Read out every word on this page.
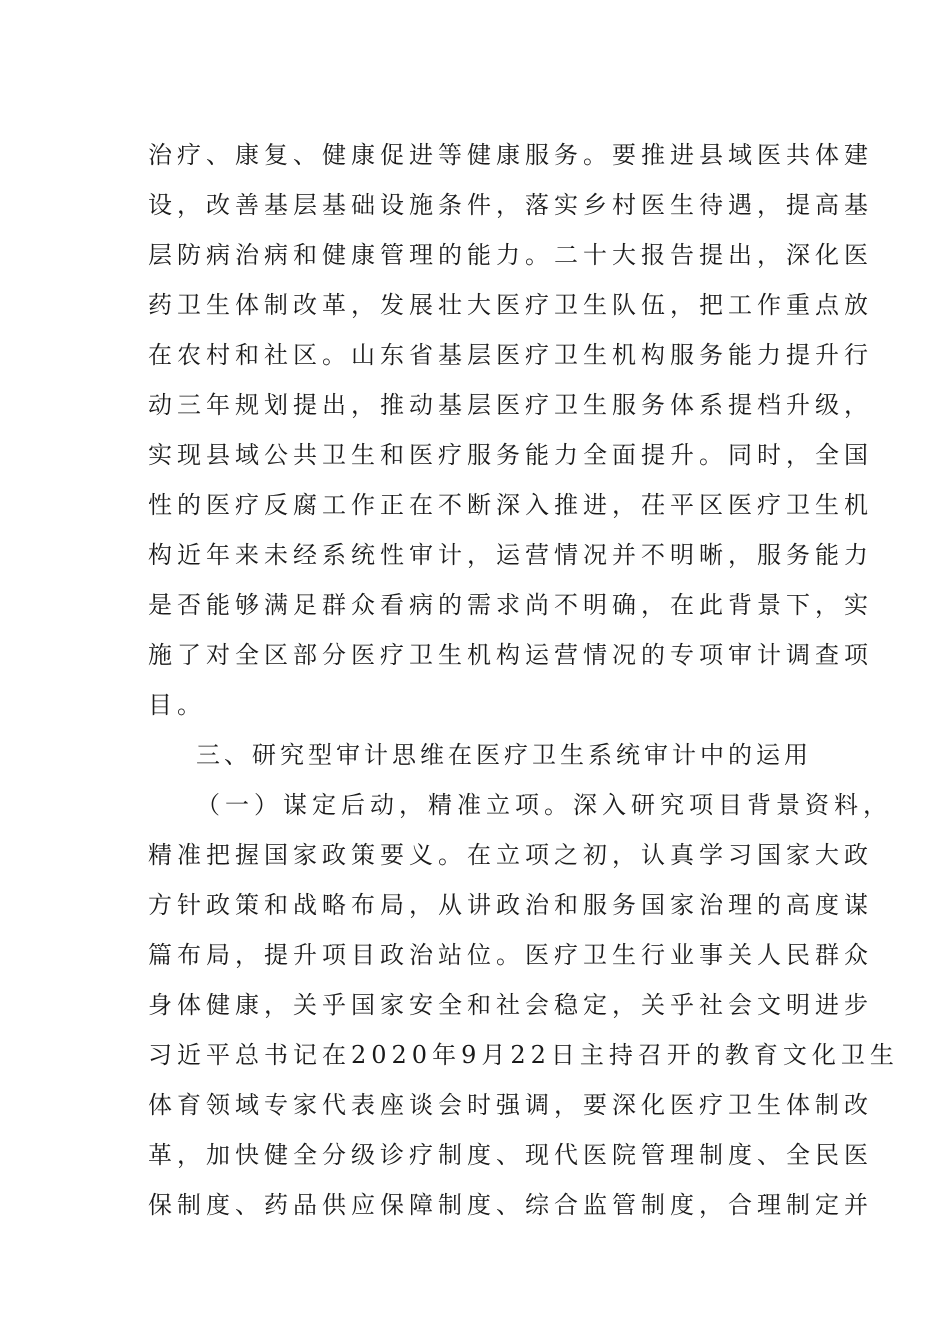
治疗、康复、健康促进等健康服务。要推进县域医共体建
设，改善基层基础设施条件，落实乡村医生待遇，提高基
层防病治病和健康管理的能力。二十大报告提出，深化医
药卫生体制改革，发展壮大医疗卫生队伍，把工作重点放
在农村和社区。山东省基层医疗卫生机构服务能力提升行
动三年规划提出，推动基层医疗卫生服务体系提档升级，
实现县域公共卫生和医疗服务能力全面提升。同时，全国
性的医疗反腐工作正在不断深入推进，茌平区医疗卫生机
构近年来未经系统性审计，运营情况并不明晰，服务能力
是否能够满足群众看病的需求尚不明确，在此背景下，实
施了对全区部分医疗卫生机构运营情况的专项审计调查项
目。
三、研究型审计思维在医疗卫生系统审计中的运用
（一）谋定后动，精准立项。深入研究项目背景资料，
精准把握国家政策要义。在立项之初，认真学习国家大政
方针政策和战略布局，从讲政治和服务国家治理的高度谋
篇布局，提升项目政治站位。医疗卫生行业事关人民群众
身体健康，关乎国家安全和社会稳定，关乎社会文明进步
习近平总书记在2020年9月22日主持召开的教育文化卫生
体育领域专家代表座谈会时强调，要深化医疗卫生体制改
革，加快健全分级诊疗制度、现代医院管理制度、全民医
保制度、药品供应保障制度、综合监管制度，合理制定并
